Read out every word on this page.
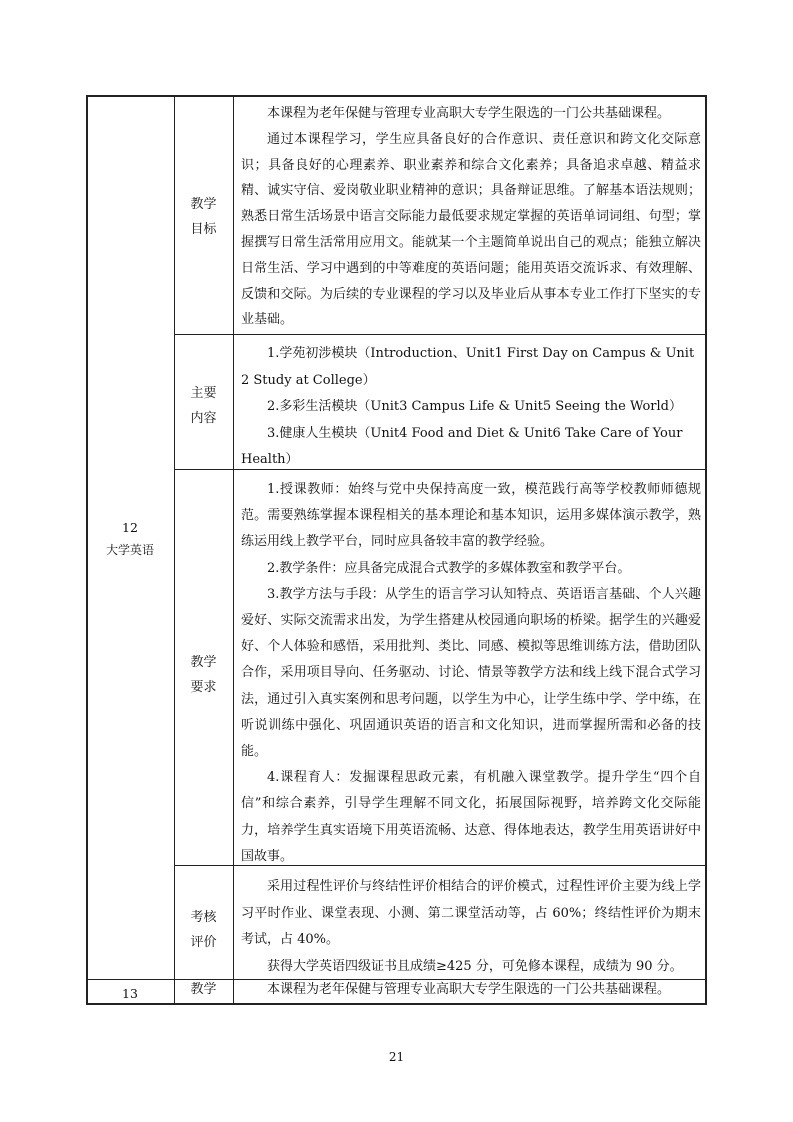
12
大学英语
教学
目标
主要
内容
教学
要求
考核
评价

本课程为老年保健与管理专业高职大专学生限选的一门公共基础课程。

通过本课程学习，学生应具备良好的合作意识、责任意识和跨文化交际意识；具备良好的心理素养、职业素养和综合文化素养；具备追求卓越、精益求精、诚实守信、爱岗敬业职业精神的意识；具备辩证思维。了解基本语法规则；熟悉日常生活场景中语言交际能力最低要求规定掌握的英语单词词组、句型；掌握撰写日常生活常用应用文。能就某一个主题简单说出自己的观点；能独立解决日常生活、学习中遇到的中等难度的英语问题；能用英语交流诉求、有效理解、反馈和交际。为后续的专业课程的学习以及毕业后从事本专业工作打下坚实的专业基础。

1.学苑初涉模块（Introduction、Unit1 First Day on Campus & Unit 2 Study at College）

2.多彩生活模块（Unit3 Campus Life & Unit5 Seeing the World）

3.健康人生模块（Unit4 Food and Diet & Unit6 Take Care of Your Health）

1.授课教师：始终与党中央保持高度一致，模范践行高等学校教师师德规范。需要熟练掌握本课程相关的基本理论和基本知识，运用多媒体演示教学，熟练运用线上教学平台，同时应具备较丰富的教学经验。

2.教学条件：应具备完成混合式教学的多媒体教室和教学平台。

3.教学方法与手段：从学生的语言学习认知特点、英语语言基础、个人兴趣爱好、实际交流需求出发，为学生搭建从校园通向职场的桥梁。据学生的兴趣爱好、个人体验和感悟，采用批判、类比、同感、模拟等思维训练方法，借助团队合作，采用项目导向、任务驱动、讨论、情景等教学方法和线上线下混合式学习法，通过引入真实案例和思考问题，以学生为中心，让学生练中学、学中练，在听说训练中强化、巩固通识英语的语言和文化知识，进而掌握所需和必备的技能。

4.课程育人：发掘课程思政元素，有机融入课堂教学。提升学生“四个自信”和综合素养，引导学生理解不同文化，拓展国际视野，培养跨文化交际能力，培养学生真实语境下用英语流畅、达意、得体地表达，教学生用英语讲好中国故事。

采用过程性评价与终结性评价相结合的评价模式，过程性评价主要为线上学习平时作业、课堂表现、小测、第二课堂活动等，占 60%；终结性评价为期末考试，占 40%。

获得大学英语四级证书且成绩≥425 分，可免修本课程，成绩为 90 分。

13	教学	本课程为老年保健与管理专业高职大专学生限选的一门公共基础课程。

21
